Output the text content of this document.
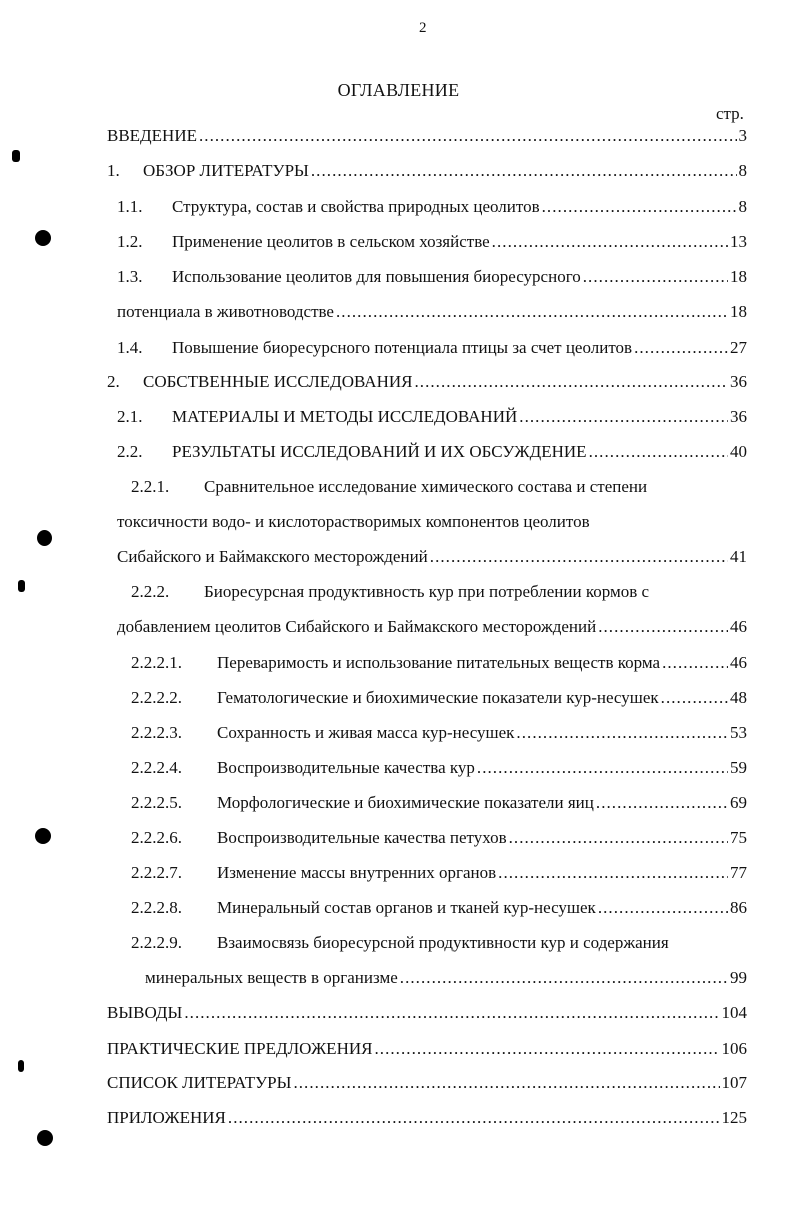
2
ОГЛАВЛЕНИЕ
стр.
ВВЕДЕНИЕ . . .	3
1.	ОБЗОР ЛИТЕРАТУРЫ . . .	8
1.1.	Структура, состав и свойства природных цеолитов . . .	8
1.2.	Применение цеолитов в сельском хозяйстве . . .	13
1.3.	Использование цеолитов для повышения биоресурсного . . .	18
потенциала в животноводстве . . .	18
1.4.	Повышение биоресурсного потенциала птицы за счет цеолитов . . .	27
2.	СОБСТВЕННЫЕ ИССЛЕДОВАНИЯ . . .	36
2.1.	МАТЕРИАЛЫ И МЕТОДЫ ИССЛЕДОВАНИЙ . . .	36
2.2.	РЕЗУЛЬТАТЫ ИССЛЕДОВАНИЙ И ИХ ОБСУЖДЕНИЕ . . .	40
2.2.1. Сравнительное исследование химического состава и степени
токсичности водо- и кислоторастворимых компонентов цеолитов
Сибайского и Баймакского месторождений . . .	41
2.2.2. Биоресурсная продуктивность кур при потреблении кормов с
добавлением цеолитов Сибайского и Баймакского месторождений . . .	46
2.2.2.1.	Переваримость и использование питательных веществ корма . . .	46
2.2.2.2.	Гематологические и биохимические показатели кур-несушек . . .	48
2.2.2.3.	Сохранность и живая масса кур-несушек . . .	53
2.2.2.4.	Воспроизводительные качества кур . . .	59
2.2.2.5.	Морфологические и биохимические показатели яиц . . .	69
2.2.2.6.	Воспроизводительные качества петухов . . .	75
2.2.2.7.	Изменение массы внутренних органов . . .	77
2.2.2.8.	Минеральный состав органов и тканей кур-несушек . . .	86
2.2.2.9. Взаимосвязь биоресурсной продуктивности кур и содержания
минеральных веществ в организме . . .	99
ВЫВОДЫ . . .	104
ПРАКТИЧЕСКИЕ ПРЕДЛОЖЕНИЯ . . .	106
СПИСОК ЛИТЕРАТУРЫ . . .	107
ПРИЛОЖЕНИЯ . . .	125
